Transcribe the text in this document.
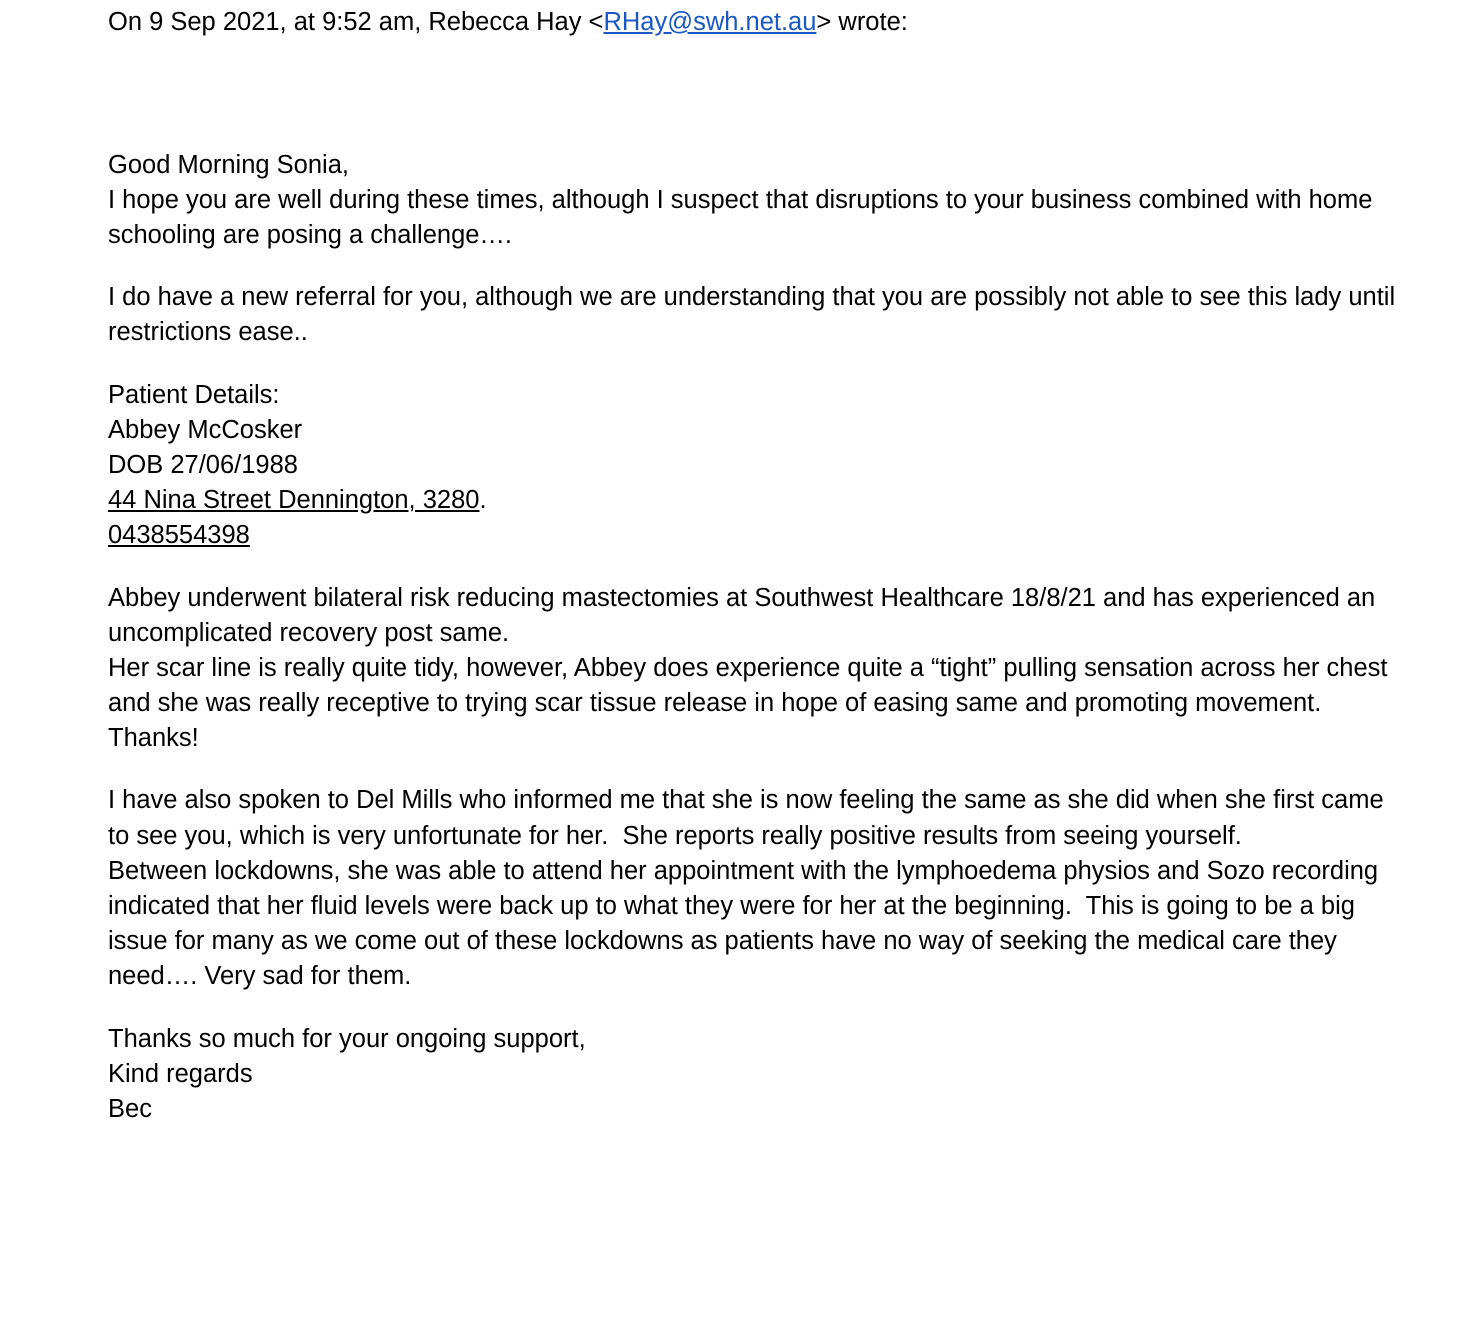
On 9 Sep 2021, at 9:52 am, Rebecca Hay <RHay@swh.net.au> wrote:

Good Morning Sonia,

I hope you are well during these times, although I suspect that disruptions to your business combined with home schooling are posing a challenge….

I do have a new referral for you, although we are understanding that you are possibly not able to see this lady until restrictions ease..

Patient Details:

Abbey McCosker

DOB 27/06/1988

44 Nina Street Dennington, 3280.

0438554398

Abbey underwent bilateral risk reducing mastectomies at Southwest Healthcare 18/8/21 and has experienced an uncomplicated recovery post same.

Her scar line is really quite tidy, however, Abbey does experience quite a “tight” pulling sensation across her chest and she was really receptive to trying scar tissue release in hope of easing same and promoting movement. Thanks!

I have also spoken to Del Mills who informed me that she is now feeling the same as she did when she first came to see you, which is very unfortunate for her.  She reports really positive results from seeing yourself.

Between lockdowns, she was able to attend her appointment with the lymphoedema physios and Sozo recording indicated that her fluid levels were back up to what they were for her at the beginning.  This is going to be a big issue for many as we come out of these lockdowns as patients have no way of seeking the medical care they need…. Very sad for them.

Thanks so much for your ongoing support,

Kind regards

Bec
